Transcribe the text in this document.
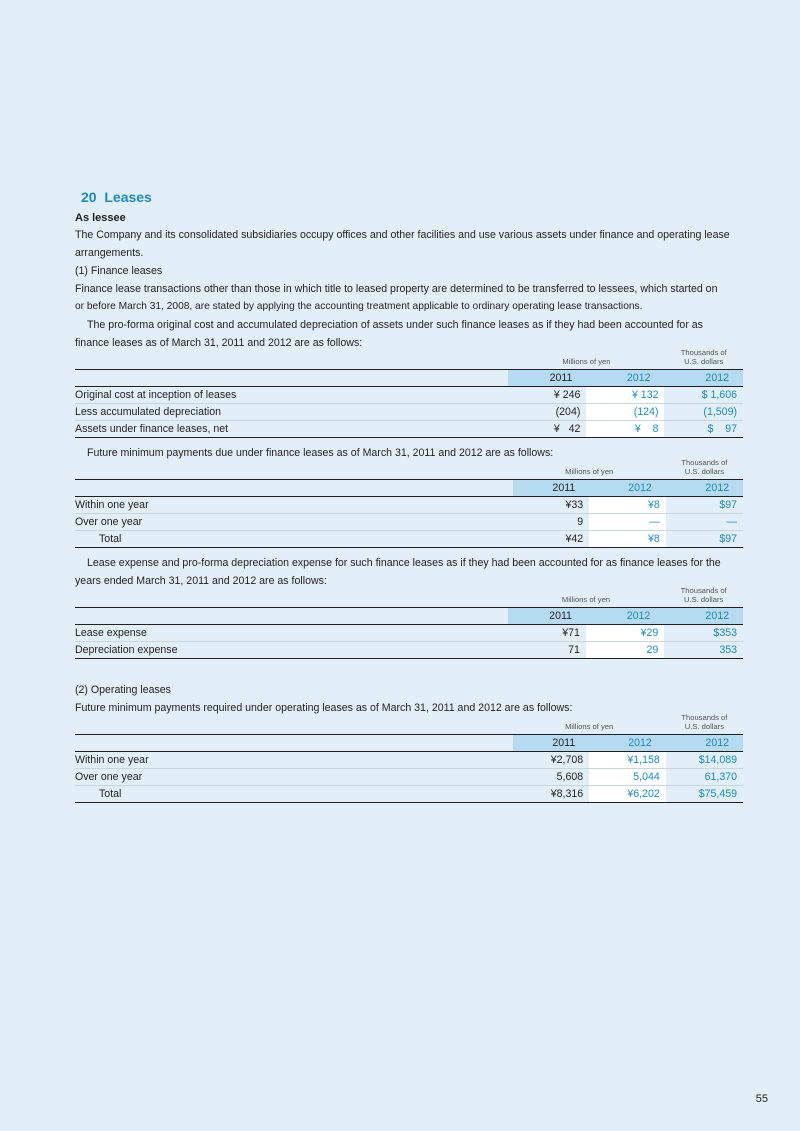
20 Leases

As lessee

The Company and its consolidated subsidiaries occupy offices and other facilities and use various assets under finance and operating lease

arrangements.

(1) Finance leases

Finance lease transactions other than those in which title to leased property are determined to be transferred to lessees, which started on

or before March 31, 2008, are stated by applying the accounting treatment applicable to ordinary operating lease transactions.

The pro-forma original cost and accumulated depreciation of assets under such finance leases as if they had been accounted for as

finance leases as of March 31, 2011 and 2012 are as follows:

	Millions of yen		Thousands of
U.S. dollars
	2011	2012	2012
Original cost at inception of leases	¥ 246	¥ 132	$ 1,606
Less accumulated depreciation	(204)	(124)	(1,509)
Assets under finance leases, net	¥   42	¥    8	$    97

Future minimum payments due under finance leases as of March 31, 2011 and 2012 are as follows:

	Millions of yen		Thousands of
U.S. dollars
	2011	2012	2012
Within one year	¥33	¥8	$97
Over one year	9	—	—
Total	¥42	¥8	$97

Lease expense and pro-forma depreciation expense for such finance leases as if they had been accounted for as finance leases for the

years ended March 31, 2011 and 2012 are as follows:

	Millions of yen		Thousands of
U.S. dollars
	2011	2012	2012
Lease expense	¥71	¥29	$353
Depreciation expense	71	29	353

(2) Operating leases

Future minimum payments required under operating leases as of March 31, 2011 and 2012 are as follows:

	Millions of yen		Thousands of
U.S. dollars
	2011	2012	2012
Within one year	¥2,708	¥1,158	$14,089
Over one year	5,608	5,044	61,370
Total	¥8,316	¥6,202	$75,459
55
